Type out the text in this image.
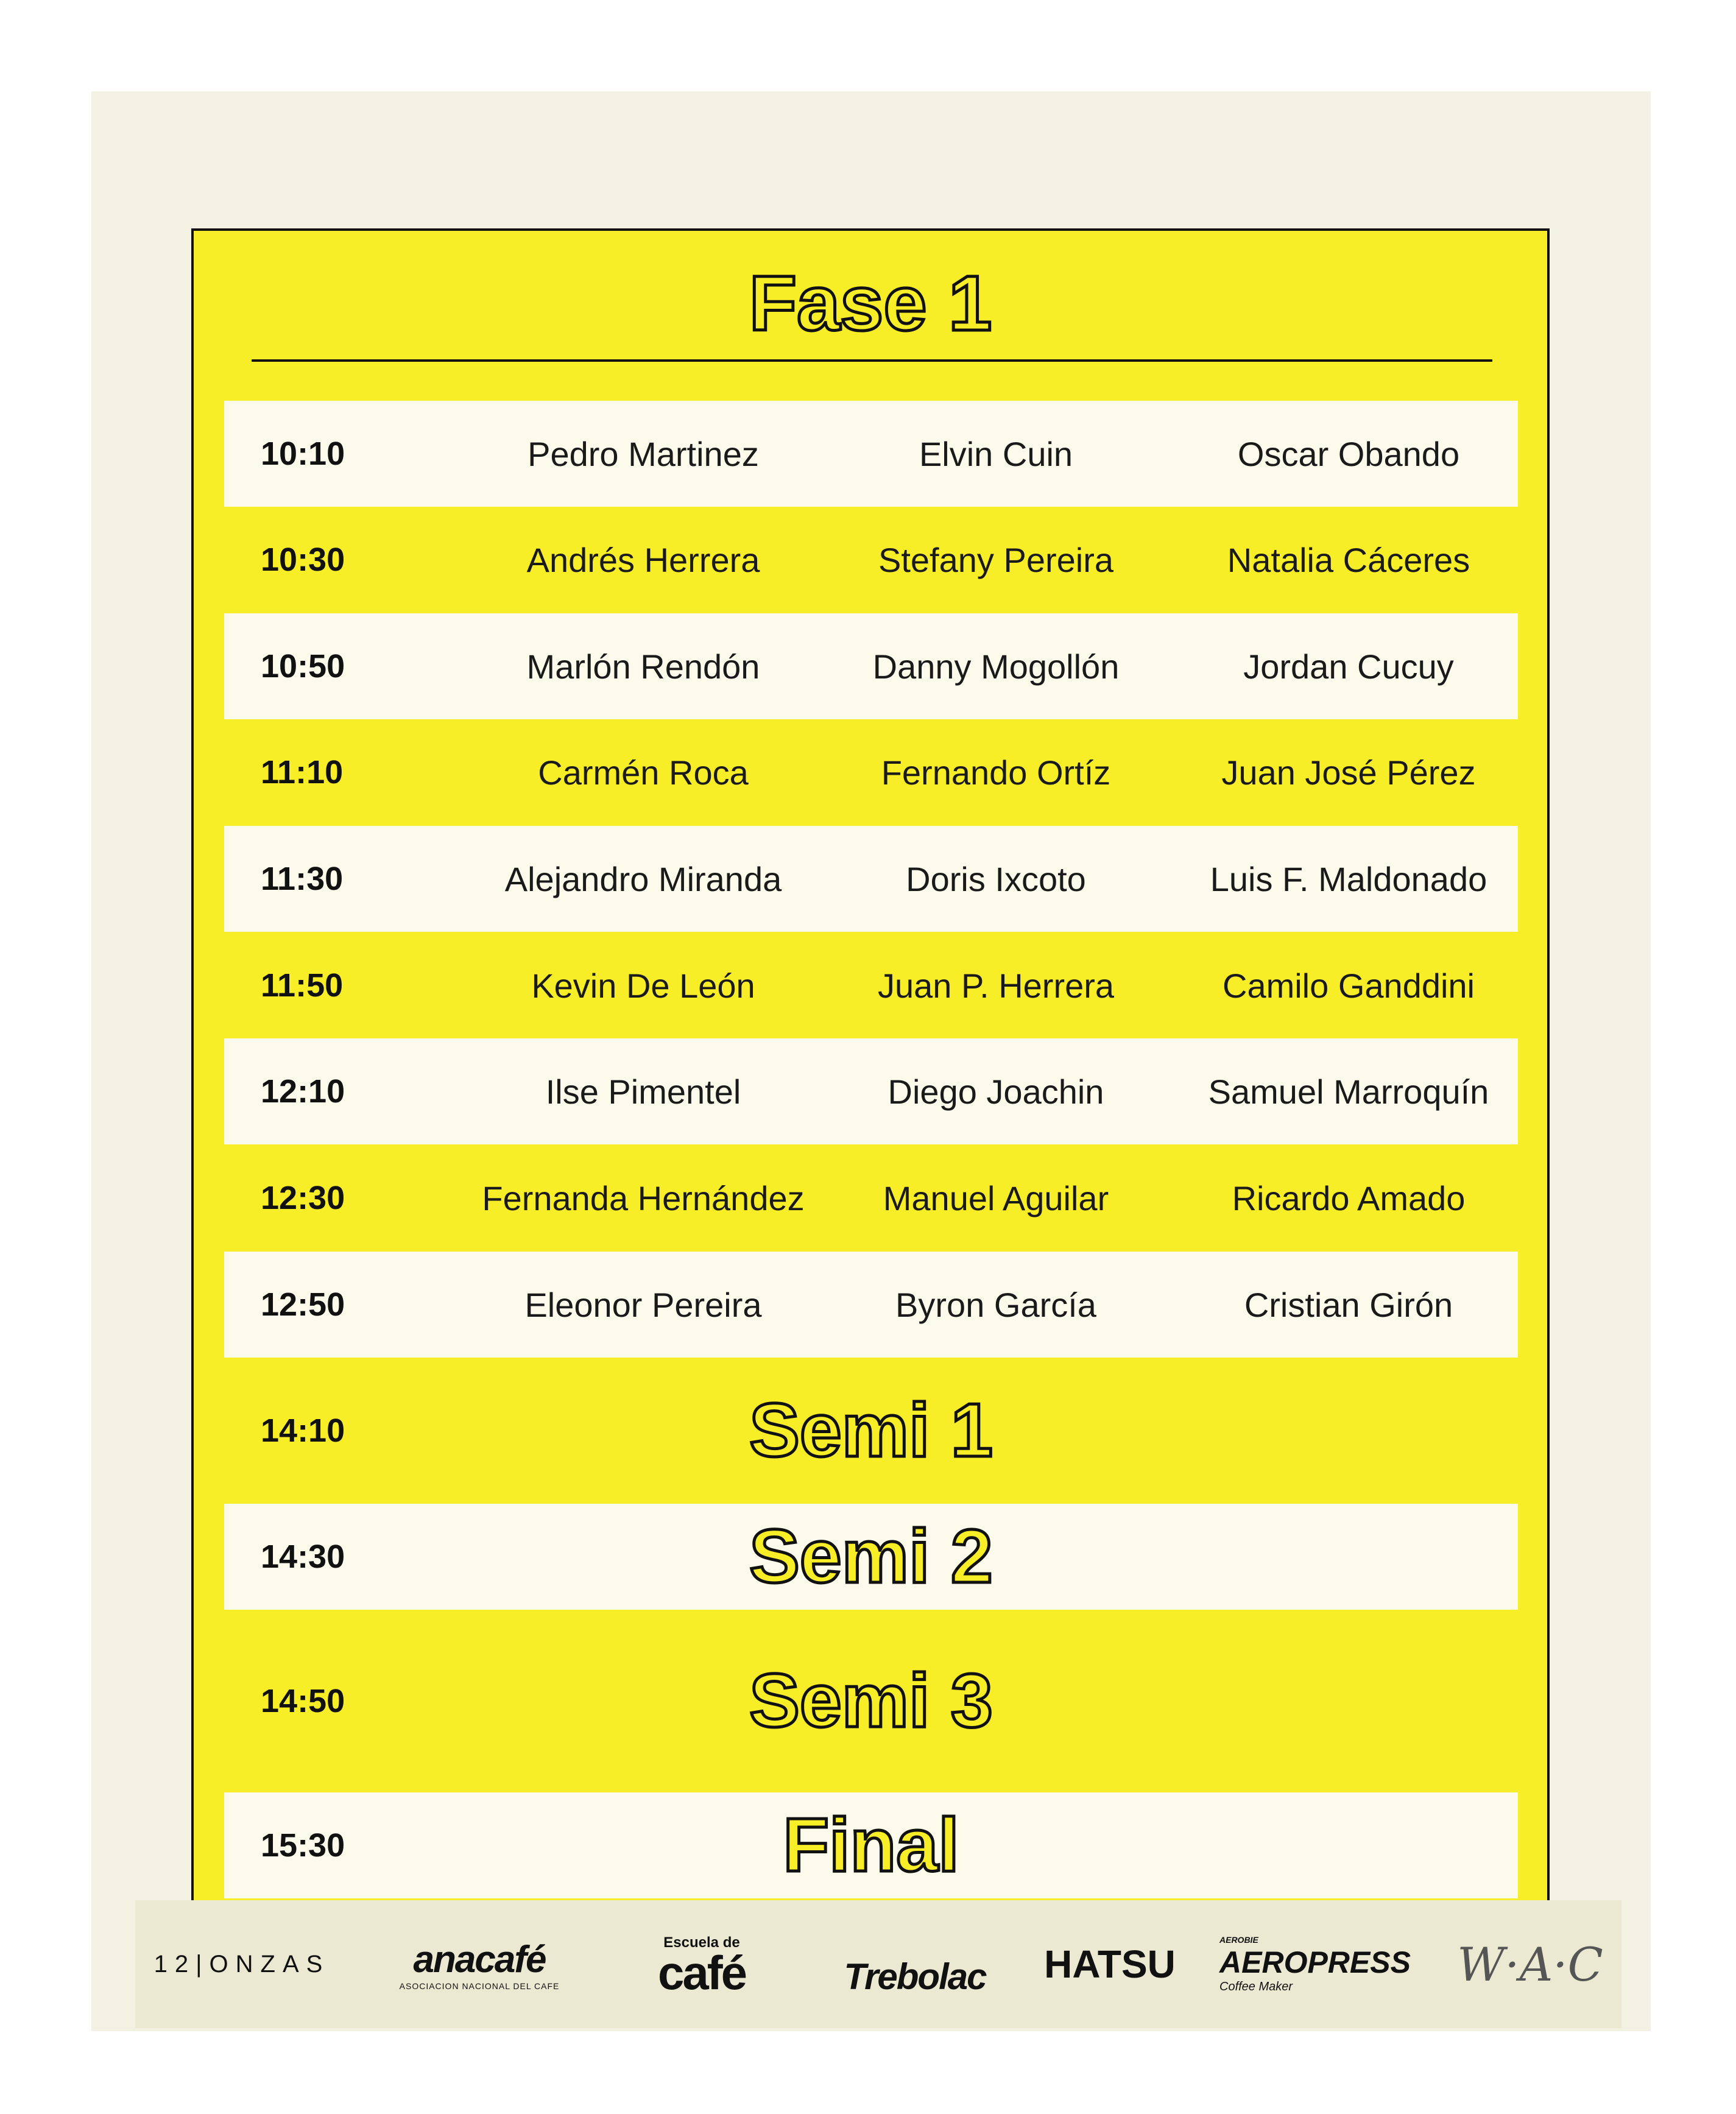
Fase 1
10:10	Pedro Martinez	Elvin Cuin	Oscar Obando
10:30	Andrés Herrera	Stefany Pereira	Natalia Cáceres
10:50	Marlón Rendón	Danny Mogollón	Jordan Cucuy
11:10	Carmén Roca	Fernando Ortíz	Juan José Pérez
11:30	Alejandro Miranda	Doris Ixcoto	Luis F. Maldonado
11:50	Kevin De León	Juan P. Herrera	Camilo Ganddini
12:10	Ilse Pimentel	Diego Joachin	Samuel Marroquín
12:30	Fernanda Hernández	Manuel Aguilar	Ricardo Amado
12:50	Eleonor Pereira	Byron García	Cristian Girón
14:10	Semi 1
14:30	Semi 2
14:50	Semi 3
15:30	Final
12|ONZAS anacafé
ASOCIACION NACIONAL DEL CAFE
Escuela de
café	Trebolac HATSU
AEROBIE
AEROPRESS
Coffee Maker	W·A·C
